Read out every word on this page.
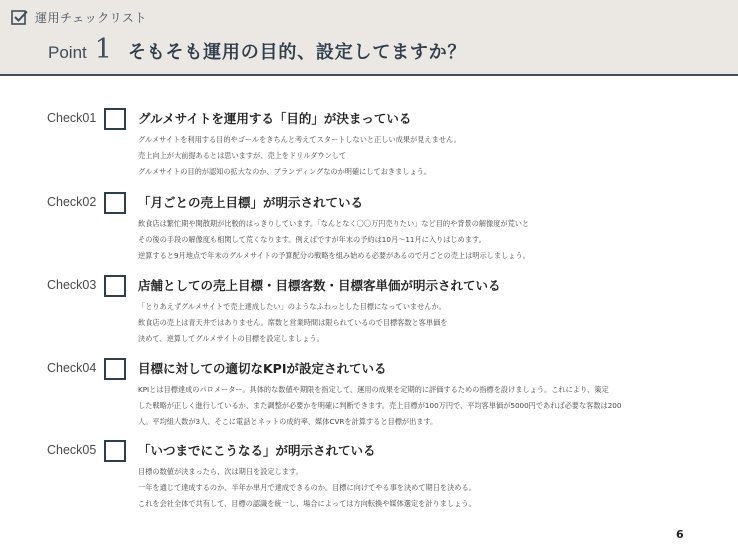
運用チェックリスト
Point 1 そもそも運用の目的、設定してますか？
Check01	グルメサイトを運用する「目的」が決まっている
グルメサイトを利用する目的やゴールをきちんと考えてスタートしないと正しい成果が見えません。
売上向上が大前提あるとは思いますが、売上をドリルダウンして
グルメサイトの目的が認知の拡大なのか、ブランディングなのか明確にしておきましょう。
Check02	「月ごとの売上目標」が明示されている
飲食店は繁忙期や閑散期が比較的はっきりしています。「なんとなく〇〇万円売りたい」など目的や背景の解像度が荒いと
その後の手段の解像度も相関して荒くなります。例えばですが年末の予約は10月〜11月に入りはじめます。
逆算すると9月地点で年末のグルメサイトの予算配分の戦略を組み始める必要があるので月ごとの売上は明示しましょう。
Check03	店舗としての売上目標・目標客数・目標客単価が明示されている
「とりあえずグルメサイトで売上達成したい」のようなふわっとした目標になっていませんか。
飲食店の売上は青天井ではありません。席数と営業時間は限られているので目標客数と客単価を
決めて、逆算してグルメサイトの目標を設定しましょう。
Check04	目標に対しての適切なKPIが設定されている
KPIとは目標達成のパロメーター。具体的な数値や期限を指定して、運用の成果を定期的に評価するための指標を設けましょう。これにより、策定
した戦略が正しく進行しているか、また調整が必要かを明確に判断できます。売上目標が100万円で、平均客単価が5000円であれば必要な客数は200
人。平均組人数が3人、そこに電話とネットの成約率、媒体CVRを計算すると目標が出ます。
Check05	「いつまでにこうなる」が明示されている
目標の数値が決まったら、次は期日を設定します。
一年を通じて達成するのか、半年か単月で達成できるのか。目標に向けてやる事を決めて期日を決める。
これを会社全体で共有して、目標の認識を統一し、場合によっては方向転換や媒体選定を計りましょう。
6
